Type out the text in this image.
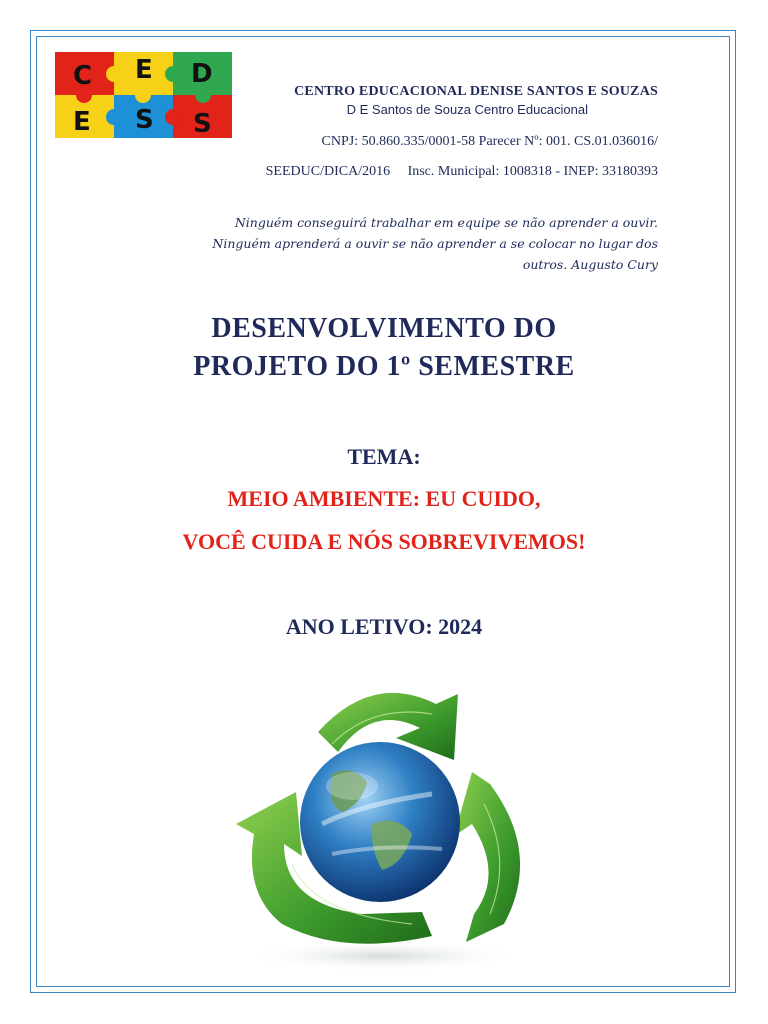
C E D
E S S
CENTRO EDUCACIONAL DENISE SANTOS E SOUZAS
D E Santos de Souza Centro Educacional
CNPJ: 50.860.335/0001-58 Parecer Nº: 001. CS.01.036016/
SEEDUC/DICA/2016     Insc. Municipal: 1008318 - INEP: 33180393
Ninguém conseguirá trabalhar em equipe se não aprender a ouvir.
Ninguém aprenderá a ouvir se não aprender a se colocar no lugar dos
outros. Augusto Cury
DESENVOLVIMENTO DO
PROJETO DO 1º SEMESTRE
TEMA:
MEIO AMBIENTE: EU CUIDO,
VOCÊ CUIDA E NÓS SOBREVIVEMOS!
ANO LETIVO: 2024
